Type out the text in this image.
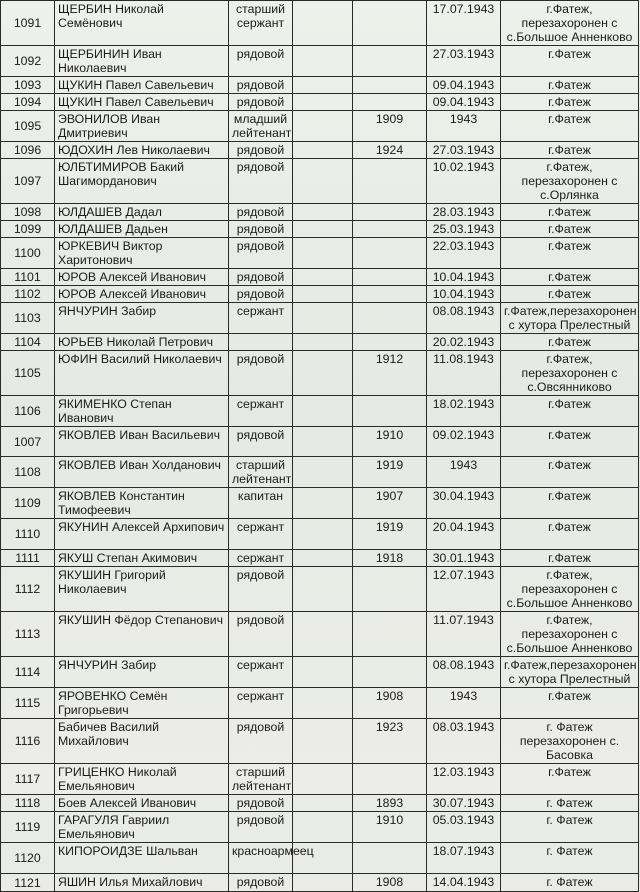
1091	ЩЕРБИН Николай Семёнович	старший сержант			17.07.1943	г.Фатеж, перезахоронен с с.Большое Анненково
1092	ЩЕРБИНИН Иван Николаевич	рядовой			27.03.1943	г.Фатеж
1093	ЩУКИН Павел Савельевич	рядовой			09.04.1943	г.Фатеж
1094	ЩУКИН Павел Савельевич	рядовой			09.04.1943	г.Фатеж
1095	ЭВОНИЛОВ Иван Дмитриевич	младший лейтенант		1909	1943	г.Фатеж
1096	ЮДОХИН Лев Николаевич	рядовой		1924	27.03.1943	г.Фатеж
1097	ЮЛБТИМИРОВ Бакий Шагиморданович	рядовой			10.02.1943	г.Фатеж, перезахоронен с с.Орлянка
1098	ЮЛДАШЕВ Дадал	рядовой			28.03.1943	г.Фатеж
1099	ЮЛДАШЕВ Дадьен	рядовой			25.03.1943	г.Фатеж
1100	ЮРКЕВИЧ Виктор Харитонович	рядовой			22.03.1943	г.Фатеж
1101	ЮРОВ Алексей Иванович	рядовой			10.04.1943	г.Фатеж
1102	ЮРОВ Алексей Иванович	рядовой			10.04.1943	г.Фатеж
1103	ЯНЧУРИН Забир	сержант			08.08.1943	г.Фатеж,перезахоронен с хутора Прелестный
1104	ЮРЬЕВ Николай Петрович				20.02.1943	г.Фатеж
1105	ЮФИН Василий Николаевич	рядовой		1912	11.08.1943	г.Фатеж, перезахоронен с с.Овсянниково
1106	ЯКИМЕНКО Степан Иванович	сержант			18.02.1943	г.Фатеж
1007	ЯКОВЛЕВ Иван Васильевич	рядовой		1910	09.02.1943	г.Фатеж
1108	ЯКОВЛЕВ Иван Холданович	старший лейтенант		1919	1943	г.Фатеж
1109	ЯКОВЛЕВ Константин Тимофеевич	капитан		1907	30.04.1943	г.Фатеж
1110	ЯКУНИН Алексей Архипович	сержант		1919	20.04.1943	г.Фатеж
1111	ЯКУШ Степан Акимович	сержант		1918	30.01.1943	г.Фатеж
1112	ЯКУШИН Григорий Николаевич	рядовой			12.07.1943	г.Фатеж, перезахоронен с с.Большое Анненково
1113	ЯКУШИН Фёдор Степанович	рядовой			11.07.1943	г.Фатеж, перезахоронен с с.Большое Анненково
1114	ЯНЧУРИН Забир	сержант			08.08.1943	г.Фатеж,перезахоронен с хутора Прелестный
1115	ЯРОВЕНКО Семён Григорьевич	сержант		1908	1943	г.Фатеж
1116	Бабичев Василий Михайлович	рядовой		1923	08.03.1943	г. Фатеж перезахоронен с. Басовка
1117	ГРИЦЕНКО Николай Емельянович	старший лейтенант			12.03.1943	г.Фатеж
1118	Боев Алексей Иванович	рядовой		1893	30.07.1943	г. Фатеж
1119	ГАРАГУЛЯ Гавриил Емельянович	рядовой		1910	05.03.1943	г. Фатеж
1120	КИПОРОИДЗЕ Шальван	красноармеец			18.07.1943	г. Фатеж
1121	ЯШИН Илья Михайлович	рядовой		1908	14.04.1943	г. Фатеж
